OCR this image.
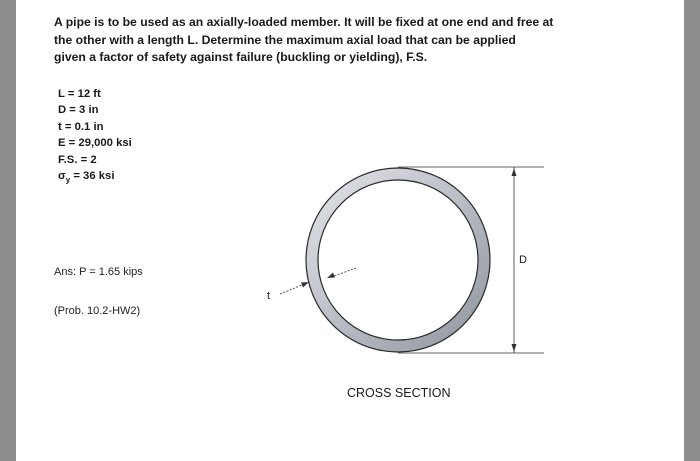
A pipe is to be used as an axially-loaded member. It will be fixed at one end and free at
the other with a length L. Determine the maximum axial load that can be applied
given a factor of safety against failure (buckling or yielding), F.S.

L = 12 ft
D = 3 in
t = 0.1 in
E = 29,000 ksi
F.S. = 2
$\sigma_y = 36$ ksi
Ans: P = 1.65 kips
(Prob. 10.2-HW2)
D
t
CROSS SECTION
